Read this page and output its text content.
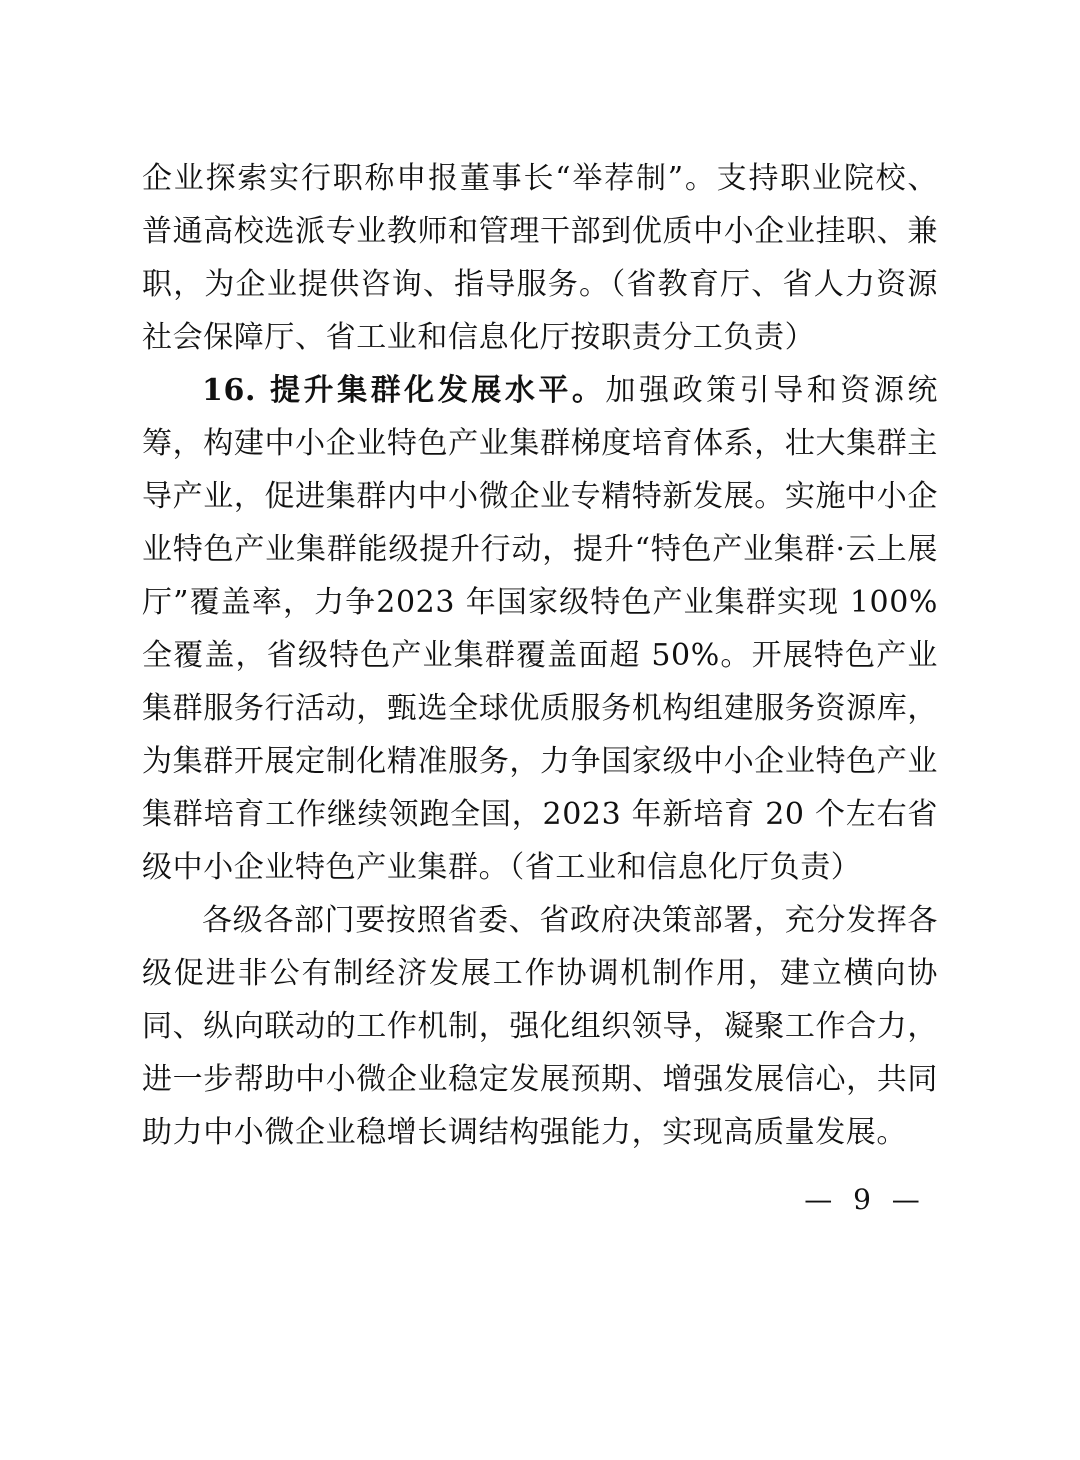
企业探索实行职称申报董事长“举荐制”。支持职业院校、普通高校选派专业教师和管理干部到优质中小企业挂职、兼职，为企业提供咨询、指导服务。（省教育厅、省人力资源社会保障厅、省工业和信息化厅按职责分工负责）

16. 提升集群化发展水平。加强政策引导和资源统筹，构建中小企业特色产业集群梯度培育体系，壮大集群主导产业，促进集群内中小微企业专精特新发展。实施中小企业特色产业集群能级提升行动，提升“特色产业集群·云上展厅”覆盖率，力争2023 年国家级特色产业集群实现 100% 全覆盖，省级特色产业集群覆盖面超 50%。开展特色产业集群服务行活动，甄选全球优质服务机构组建服务资源库，为集群开展定制化精准服务，力争国家级中小企业特色产业集群培育工作继续领跑全国，2023 年新培育 20 个左右省级中小企业特色产业集群。（省工业和信息化厅负责）

各级各部门要按照省委、省政府决策部署，充分发挥各级促进非公有制经济发展工作协调机制作用，建立横向协同、纵向联动的工作机制，强化组织领导，凝聚工作合力，进一步帮助中小微企业稳定发展预期、增强发展信心，共同助力中小微企业稳增长调结构强能力，实现高质量发展。

— 9 —
